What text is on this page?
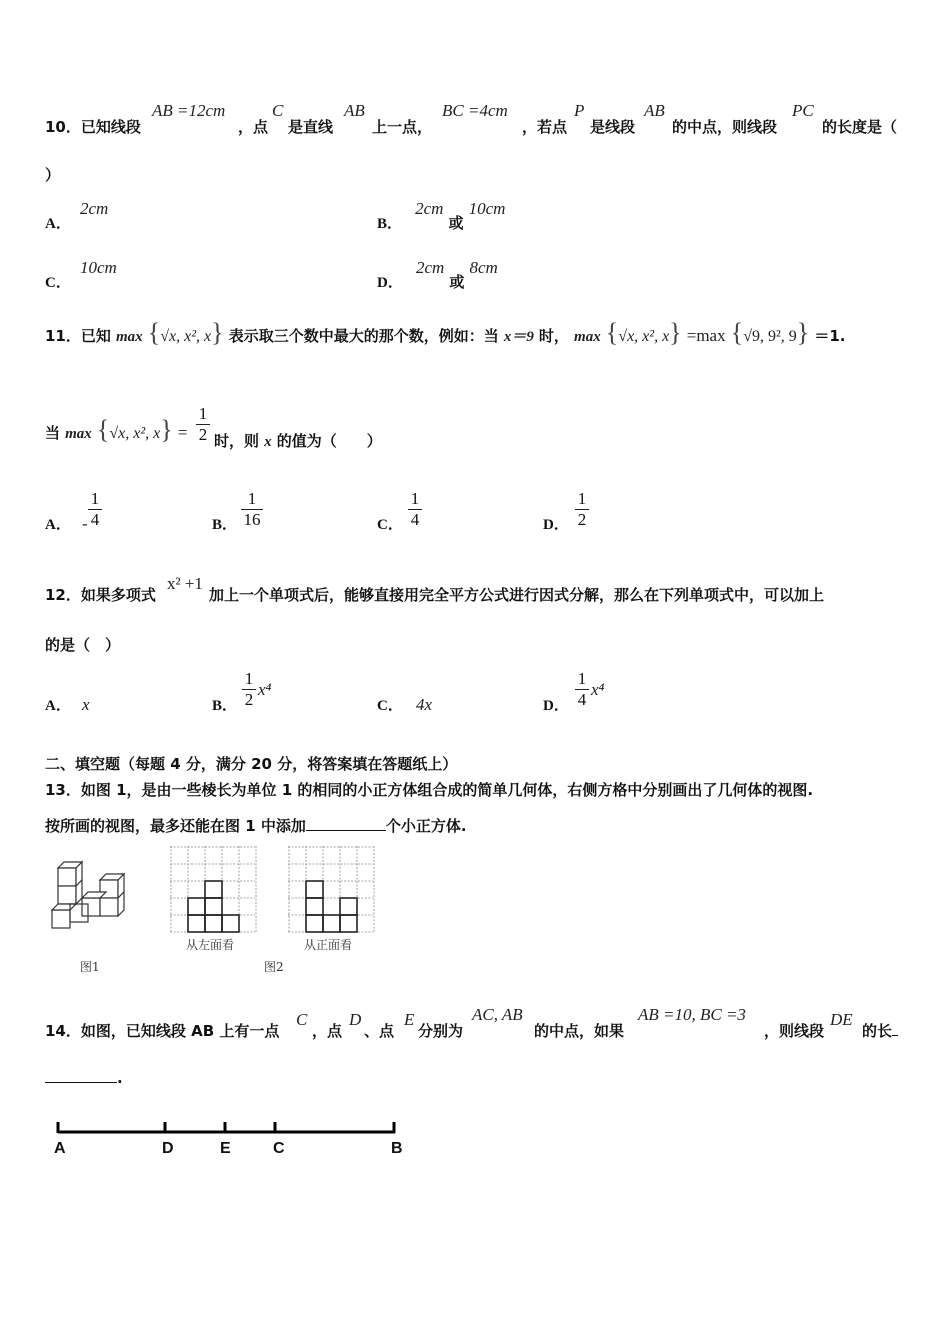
10．已知线段
AB =12cm
，点
C
是直线
AB
上一点，
BC =4cm
，若点
P
是线段
AB
的中点，则线段
PC
的长度是（
）
A． 2cm
B． 2cm 或 10cm
C． 10cm
D． 2cm 或 8cm
11．已知 max {√x, x², x} 表示取三个数中最大的那个数，例如：当 x＝9 时， max {√x, x², x} =max {√9, 9², 9} ＝1.
当 max {√x, x², x} =
1
2 时，则 x 的值为（　　）
A． -
1
4	B．
1
16	C．
1
4	D．
1
2
12．如果多项式
x² +1
加上一个单项式后，能够直接用完全平方公式进行因式分解，那么在下列单项式中，可以加上
的是（　）
A． x	B．
1
2
x⁴
C． 4x	D．
1
4
x⁴
二、填空题（每题 4 分，满分 20 分，将答案填在答题纸上）
13．如图 1，是由一些棱长为单位 1 的相同的小正方体组合成的简单几何体，右侧方格中分别画出了几何体的视图.
按所画的视图，最多还能在图 1 中添加	个小正方体.
图1
从左面看	从正面看
图2
14．如图，已知线段 AB 上有一点
C
，点
D
、点
E
分别为
AC, AB
的中点，如果
AB =10, BC =3
，则线段
DE
的长
.
A	D	E	C	B
